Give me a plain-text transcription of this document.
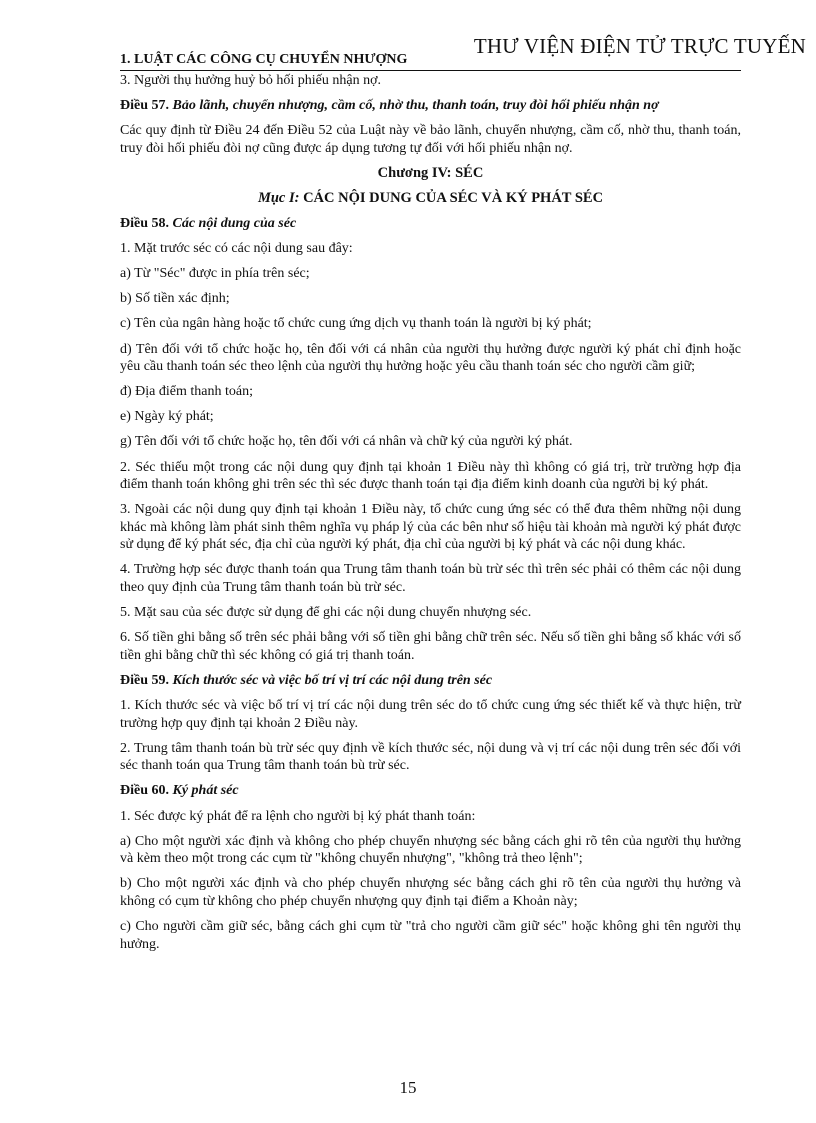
THƯ VIỆN ĐIỆN TỬ TRỰC TUYẾN
1. LUẬT CÁC CÔNG CỤ CHUYỂN NHƯỢNG

3. Người thụ hưởng huỷ bỏ hối phiếu nhận nợ.

Điều 57. Bảo lãnh, chuyển nhượng, cầm cố, nhờ thu, thanh toán, truy đòi hối phiếu nhận nợ

Các quy định từ Điều 24 đến Điều 52 của Luật này về bảo lãnh, chuyển nhượng, cầm cố, nhờ thu, thanh toán, truy đòi hối phiếu đòi nợ cũng được áp dụng tương tự đối với hối phiếu nhận nợ.

Chương IV: SÉC

Mục I: CÁC NỘI DUNG CỦA SÉC VÀ KÝ PHÁT SÉC

Điều 58. Các nội dung của séc

1. Mặt trước séc có các nội dung sau đây:

a) Từ "Séc" được in phía trên séc;

b) Số tiền xác định;

c) Tên của ngân hàng hoặc tổ chức cung ứng dịch vụ thanh toán là người bị ký phát;

d) Tên đối với tổ chức hoặc họ, tên đối với cá nhân của người thụ hưởng được người ký phát chỉ định hoặc yêu cầu thanh toán séc theo lệnh của người thụ hưởng hoặc yêu cầu thanh toán séc cho người cầm giữ;

đ) Địa điểm thanh toán;

e) Ngày ký phát;

g) Tên đối với tổ chức hoặc họ, tên đối với cá nhân và chữ ký của người ký phát.

2. Séc thiếu một trong các nội dung quy định tại khoản 1 Điều này thì không có giá trị, trừ trường hợp địa điểm thanh toán không ghi trên séc thì séc được thanh toán tại địa điểm kinh doanh của người bị ký phát.

3. Ngoài các nội dung quy định tại khoản 1 Điều này, tổ chức cung ứng séc có thể đưa thêm những nội dung khác mà không làm phát sinh thêm nghĩa vụ pháp lý của các bên như số hiệu tài khoản mà người ký phát được sử dụng để ký phát séc, địa chỉ của người ký phát, địa chỉ của người bị ký phát và các nội dung khác.

4. Trường hợp séc được thanh toán qua Trung tâm thanh toán bù trừ séc thì trên séc phải có thêm các nội dung theo quy định của Trung tâm thanh toán bù trừ séc.

5. Mặt sau của séc được sử dụng để ghi các nội dung chuyển nhượng séc.

6. Số tiền ghi bằng số trên séc phải bằng với số tiền ghi bằng chữ trên séc. Nếu số tiền ghi bằng số khác với số tiền ghi bằng chữ thì séc không có giá trị thanh toán.

Điều 59. Kích thước séc và việc bố trí vị trí các nội dung trên séc

1. Kích thước séc và việc bố trí vị trí các nội dung trên séc do tổ chức cung ứng séc thiết kế và thực hiện, trừ trường hợp quy định tại khoản 2 Điều này.

2. Trung tâm thanh toán bù trừ séc quy định về kích thước séc, nội dung và vị trí các nội dung trên séc đối với séc thanh toán qua Trung tâm thanh toán bù trừ séc.

Điều 60. Ký phát séc

1. Séc được ký phát để ra lệnh cho người bị ký phát thanh toán:

a) Cho một người xác định và không cho phép chuyển nhượng séc bằng cách ghi rõ tên của người thụ hưởng và kèm theo một trong các cụm từ "không chuyển nhượng", "không trả theo lệnh";

b) Cho một người xác định và cho phép chuyển nhượng séc bằng cách ghi rõ tên của người thụ hưởng và không có cụm từ không cho phép chuyển nhượng quy định tại điểm a Khoản này;

c) Cho người cầm giữ séc, bằng cách ghi cụm từ "trả cho người cầm giữ séc" hoặc không ghi tên người thụ hưởng.

15
